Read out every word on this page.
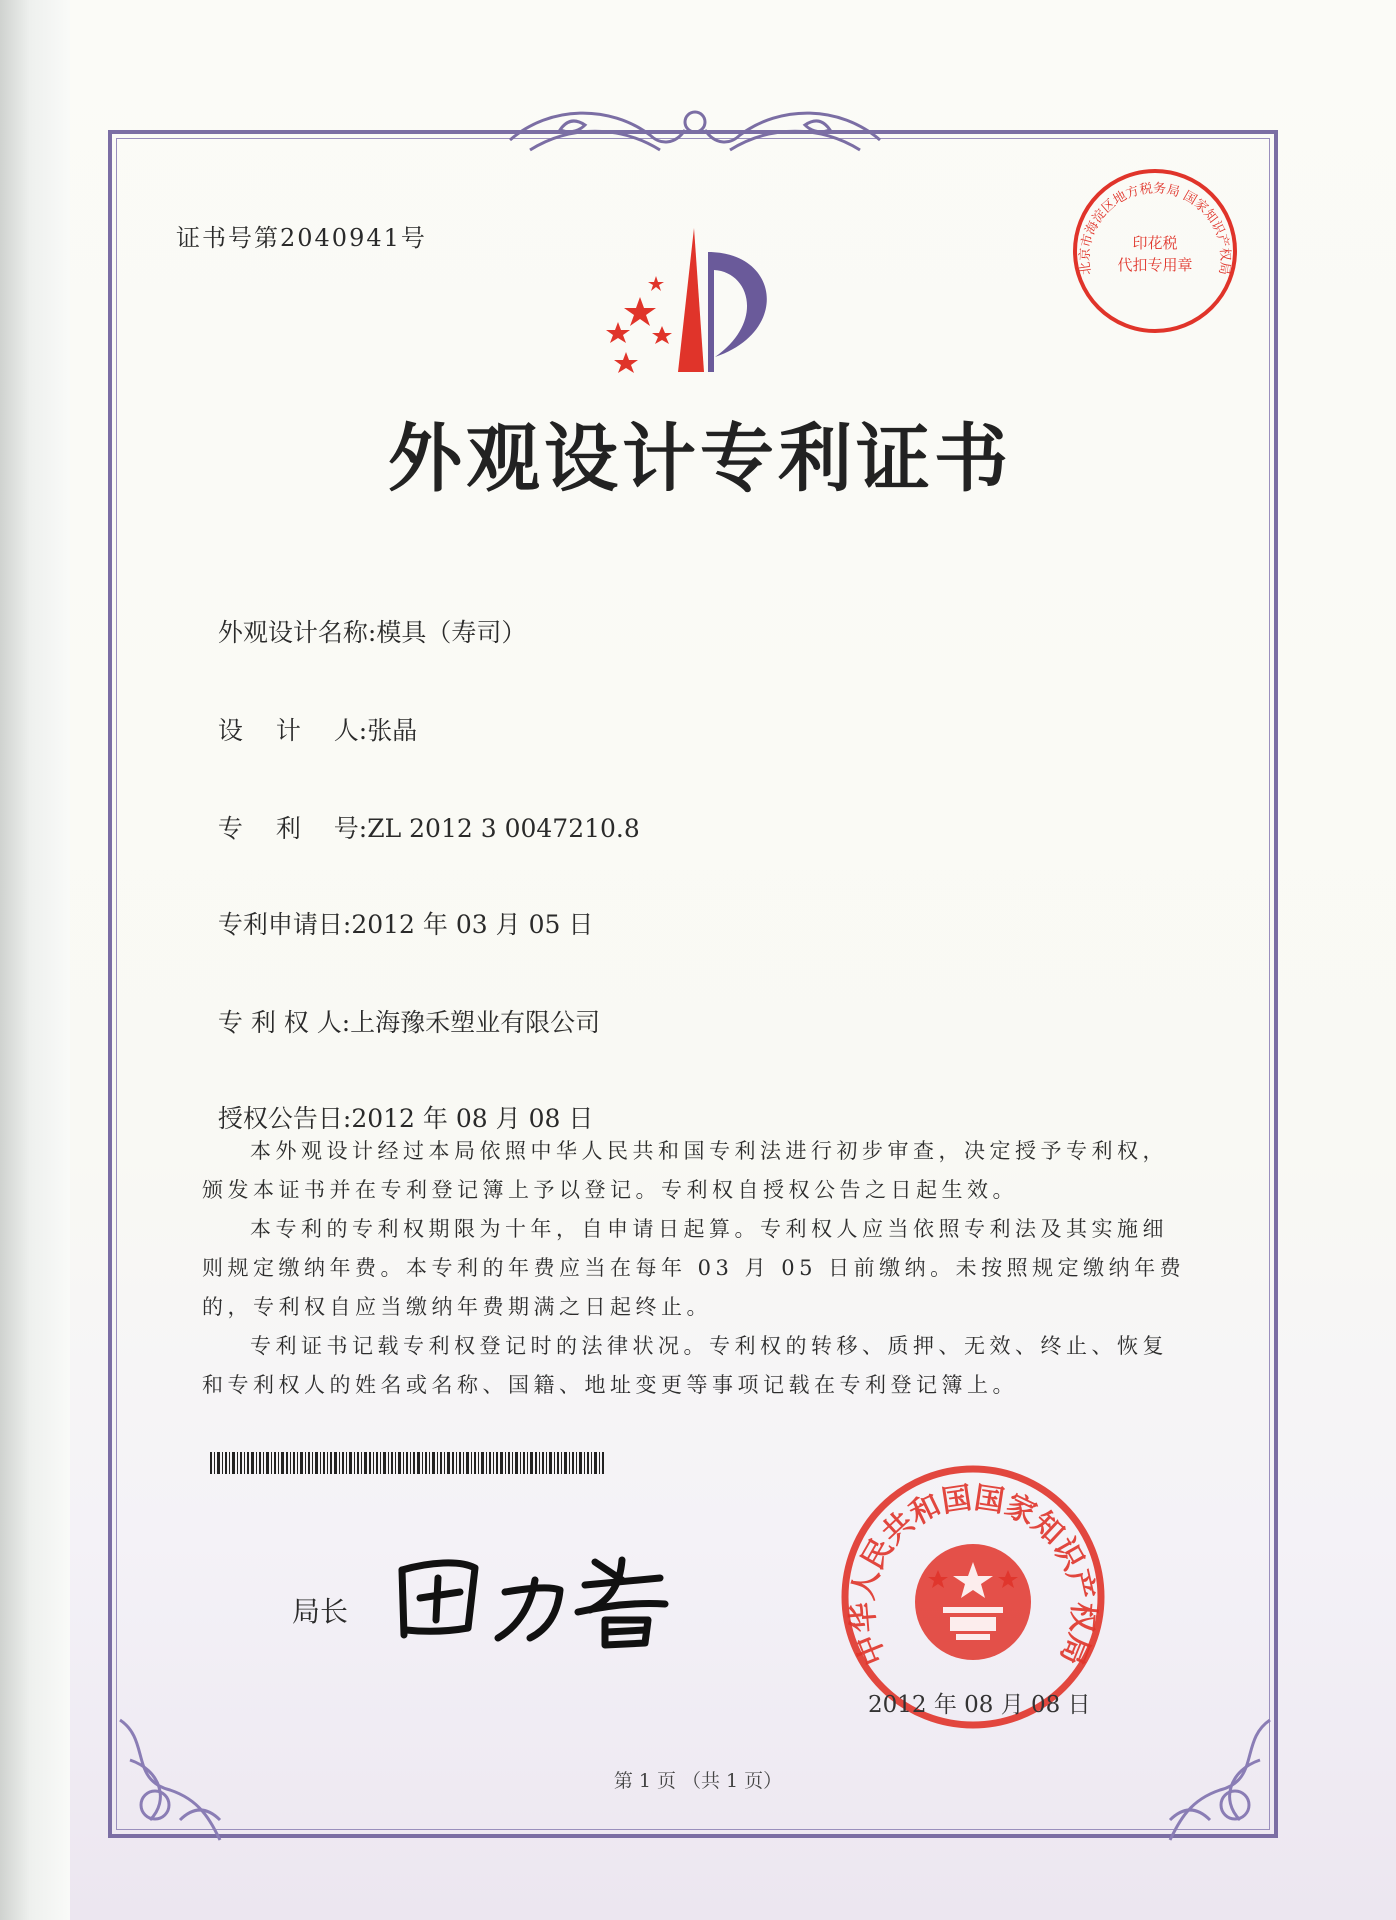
证书号第2040941号
外观设计专利证书

外观设计名称:模具（寿司）

设　 计　 人:张晶

专　 利　 号:ZL 2012 3 0047210.8

专利申请日:2012 年 03 月 05 日

专 利 权 人:上海豫禾塑业有限公司

授权公告日:2012 年 08 月 08 日

本外观设计经过本局依照中华人民共和国专利法进行初步审查，决定授予专利权，颁发本证书并在专利登记簿上予以登记。专利权自授权公告之日起生效。

本专利的专利权期限为十年，自申请日起算。专利权人应当依照专利法及其实施细则规定缴纳年费。本专利的年费应当在每年 03 月 05 日前缴纳。未按照规定缴纳年费的，专利权自应当缴纳年费期满之日起终止。

专利证书记载专利权登记时的法律状况。专利权的转移、质押、无效、终止、恢复和专利权人的姓名或名称、国籍、地址变更等事项记载在专利登记簿上。

局长
中华人民共和国国家知识产权局
北京市海淀区地方税务局 国家知识产权局
印花税
代扣专用章
2012 年 08 月 08 日
第 1 页 （共 1 页）
